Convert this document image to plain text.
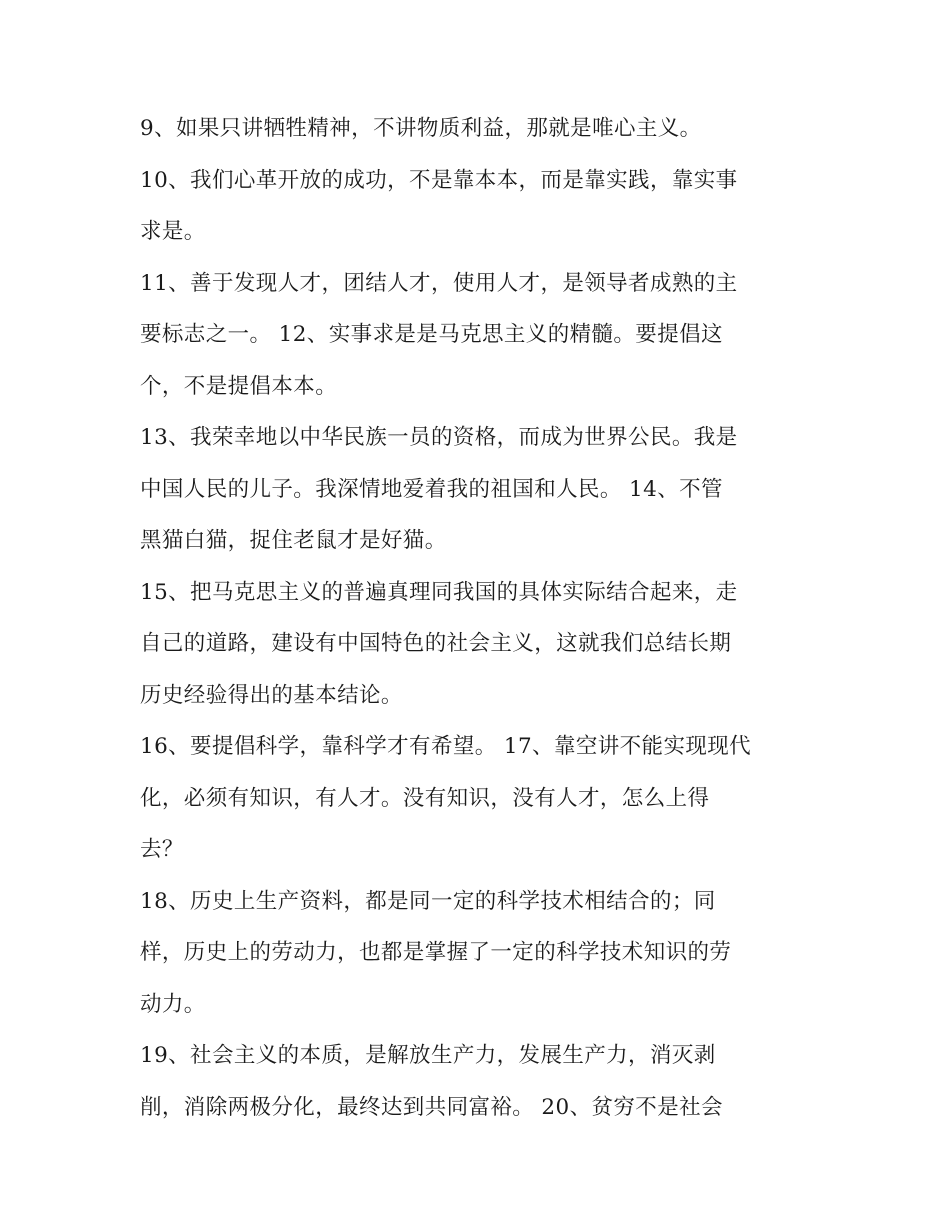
9、如果只讲牺牲精神，不讲物质利益，那就是唯心主义。

10、我们心革开放的成功，不是靠本本，而是靠实践，靠实事
求是。

11、善于发现人才，团结人才，使用人才，是领导者成熟的主
要标志之一。 12、实事求是是马克思主义的精髓。要提倡这
个，不是提倡本本。

13、我荣幸地以中华民族一员的资格，而成为世界公民。我是
中国人民的儿子。我深情地爱着我的祖国和人民。 14、不管
黑猫白猫，捉住老鼠才是好猫。

15、把马克思主义的普遍真理同我国的具体实际结合起来，走
自己的道路，建设有中国特色的社会主义，这就我们总结长期
历史经验得出的基本结论。

16、要提倡科学，靠科学才有希望。 17、靠空讲不能实现现代
化，必须有知识，有人才。没有知识，没有人才，怎么上得
去？

18、历史上生产资料，都是同一定的科学技术相结合的；同
样，历史上的劳动力，也都是掌握了一定的科学技术知识的劳
动力。

19、社会主义的本质，是解放生产力，发展生产力，消灭剥
削，消除两极分化，最终达到共同富裕。 20、贫穷不是社会
